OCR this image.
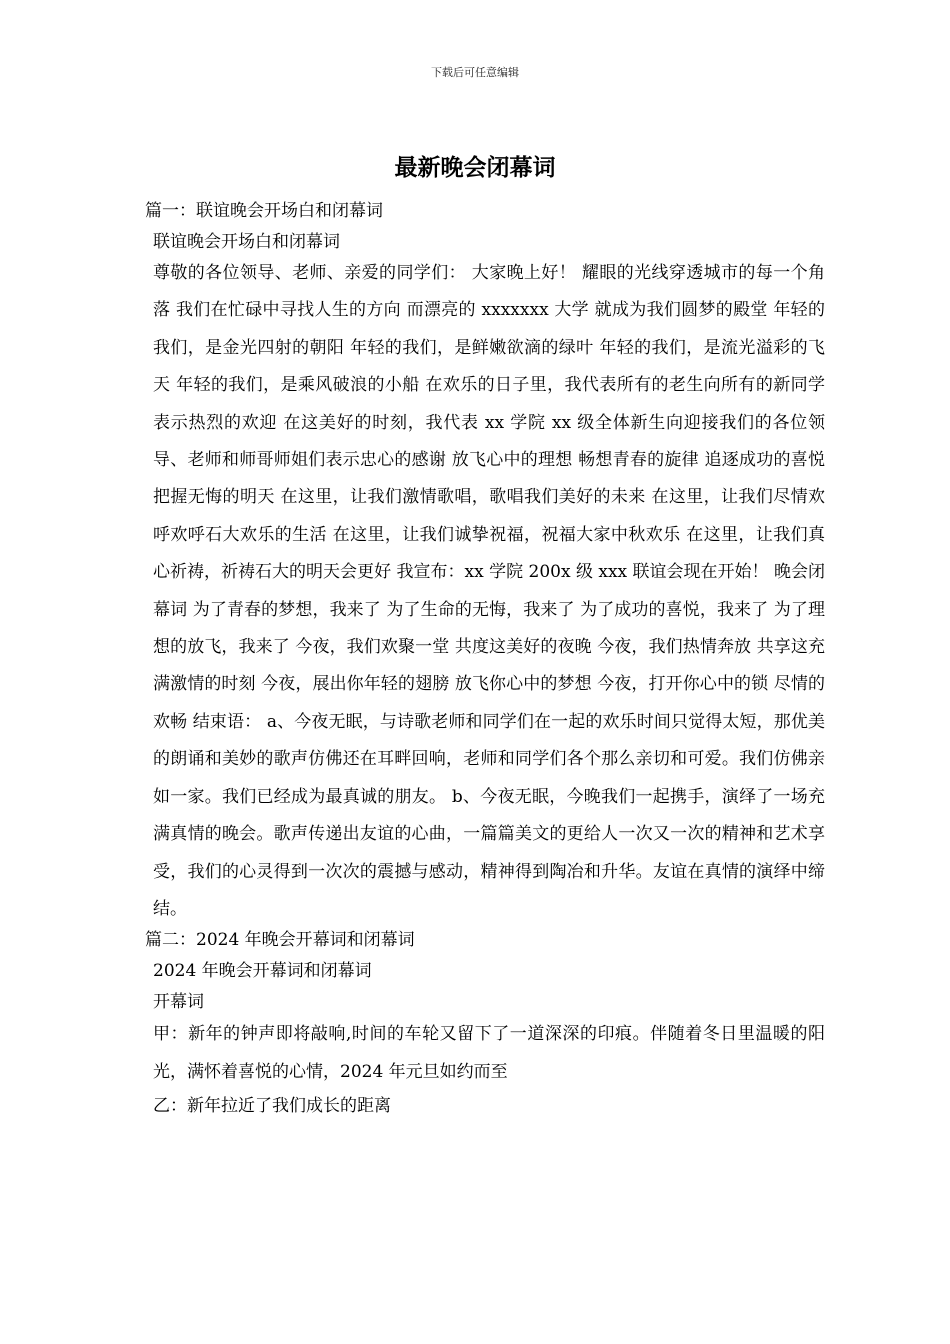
下载后可任意编辑
最新晚会闭幕词
篇一：联谊晚会开场白和闭幕词
联谊晚会开场白和闭幕词

尊敬的各位领导、老师、亲爱的同学们： 大家晚上好！ 耀眼的光线穿透城市的每一个角落 我们在忙碌中寻找人生的方向 而漂亮的 xxxxxxx 大学 就成为我们圆梦的殿堂 年轻的我们，是金光四射的朝阳 年轻的我们，是鲜嫩欲滴的绿叶 年轻的我们，是流光溢彩的飞天 年轻的我们，是乘风破浪的小船 在欢乐的日子里，我代表所有的老生向所有的新同学表示热烈的欢迎 在这美好的时刻，我代表 xx 学院 xx 级全体新生向迎接我们的各位领导、老师和师哥师姐们表示忠心的感谢 放飞心中的理想 畅想青春的旋律 追逐成功的喜悦 把握无悔的明天 在这里，让我们激情歌唱，歌唱我们美好的未来 在这里，让我们尽情欢呼欢呼石大欢乐的生活 在这里，让我们诚挚祝福，祝福大家中秋欢乐 在这里，让我们真心祈祷，祈祷石大的明天会更好 我宣布：xx 学院 200x 级 xxx 联谊会现在开始！ 晚会闭幕词 为了青春的梦想，我来了 为了生命的无悔，我来了 为了成功的喜悦，我来了 为了理想的放飞，我来了 今夜，我们欢聚一堂 共度这美好的夜晚 今夜，我们热情奔放 共享这充满激情的时刻 今夜，展出你年轻的翅膀 放飞你心中的梦想 今夜，打开你心中的锁 尽情的欢畅 结束语： a、今夜无眠，与诗歌老师和同学们在一起的欢乐时间只觉得太短，那优美的朗诵和美妙的歌声仿佛还在耳畔回响，老师和同学们各个那么亲切和可爱。我们仿佛亲如一家。我们已经成为最真诚的朋友。 b、今夜无眠，今晚我们一起携手，演绎了一场充满真情的晚会。歌声传递出友谊的心曲，一篇篇美文的更给人一次又一次的精神和艺术享受，我们的心灵得到一次次的震撼与感动，精神得到陶冶和升华。友谊在真情的演绎中缔结。

篇二：2024 年晚会开幕词和闭幕词
2024 年晚会开幕词和闭幕词
开幕词

甲：新年的钟声即将敲响,时间的车轮又留下了一道深深的印痕。伴随着冬日里温暖的阳光，满怀着喜悦的心情，2024 年元旦如约而至

乙：新年拉近了我们成长的距离
